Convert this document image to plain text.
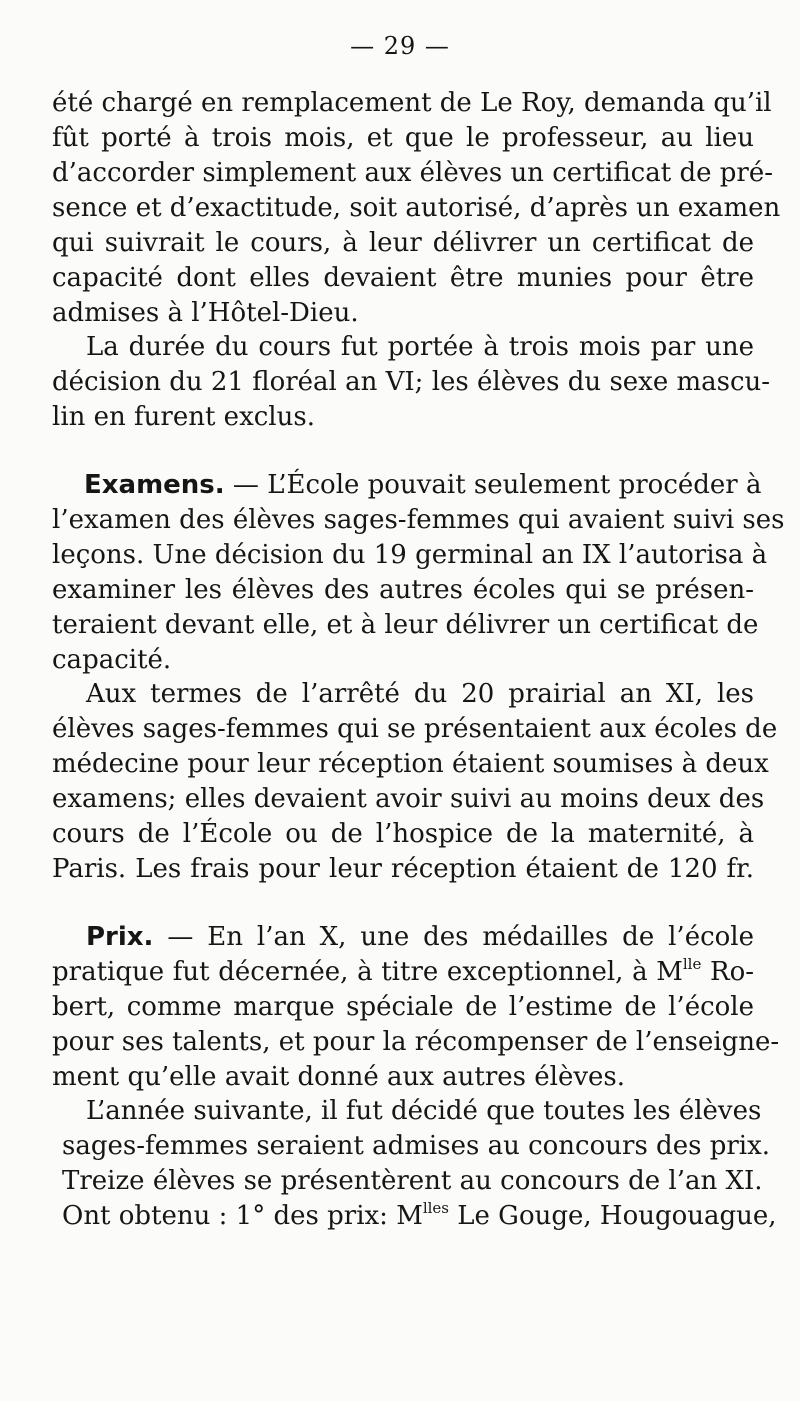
— 29 —
été chargé en remplacement de Le Roy, demanda qu’il
fût porté à trois mois, et que le professeur, au lieu
d’accorder simplement aux élèves un certificat de pré-
sence et d’exactitude, soit autorisé, d’après un examen
qui suivrait le cours, à leur délivrer un certificat de
capacité dont elles devaient être munies pour être
admises à l’Hôtel-Dieu.
La durée du cours fut portée à trois mois par une
décision du 21 floréal an VI; les élèves du sexe mascu-
lin en furent exclus.
Examens. — L’École pouvait seulement procéder à
l’examen des élèves sages-femmes qui avaient suivi ses
leçons. Une décision du 19 germinal an IX l’autorisa à
examiner les élèves des autres écoles qui se présen-
teraient devant elle, et à leur délivrer un certificat de
capacité.
Aux termes de l’arrêté du 20 prairial an XI, les
élèves sages-femmes qui se présentaient aux écoles de
médecine pour leur réception étaient soumises à deux
examens; elles devaient avoir suivi au moins deux des
cours de l’École ou de l’hospice de la maternité, à
Paris. Les frais pour leur réception étaient de 120 fr.
Prix. — En l’an X, une des médailles de l’école
pratique fut décernée, à titre exceptionnel, à $M^{lle}$ Ro-
bert, comme marque spéciale de l’estime de l’école
pour ses talents, et pour la récompenser de l’enseigne-
ment qu’elle avait donné aux autres élèves.
L’année suivante, il fut décidé que toutes les élèves
sages-femmes seraient admises au concours des prix.
Treize élèves se présentèrent au concours de l’an XI.
Ont obtenu : 1° des prix: $M^{lles}$ Le Gouge, Hougouague,
